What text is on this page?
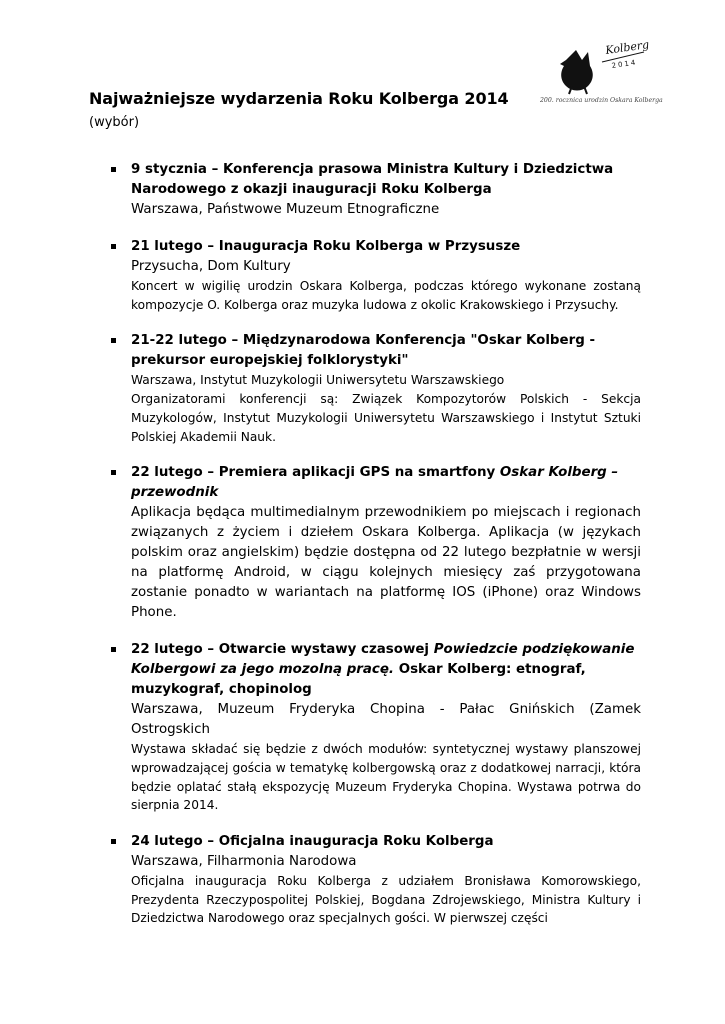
Kolberg
2014
200. rocznica urodzin Oskara Kolberga
Najważniejsze wydarzenia Roku Kolberga 2014
(wybór)
9 stycznia – Konferencja prasowa Ministra Kultury i Dziedzictwa Narodowego z okazji inauguracji Roku Kolberga
Warszawa, Państwowe Muzeum Etnograficzne
21 lutego – Inauguracja Roku Kolberga w Przysusze
Przysucha, Dom Kultury
Koncert w wigilię urodzin Oskara Kolberga, podczas którego wykonane zostaną kompozycje O. Kolberga oraz muzyka ludowa z okolic Krakowskiego i Przysuchy.
21-22 lutego – Międzynarodowa Konferencja "Oskar Kolberg - prekursor europejskiej folklorystyki"
Warszawa, Instytut Muzykologii Uniwersytetu Warszawskiego
Organizatorami konferencji są: Związek Kompozytorów Polskich - Sekcja Muzykologów, Instytut Muzykologii Uniwersytetu Warszawskiego i Instytut Sztuki Polskiej Akademii Nauk.
22 lutego – Premiera aplikacji GPS na smartfony Oskar Kolberg – przewodnik
Aplikacja będąca multimedialnym przewodnikiem po miejscach i regionach związanych z życiem i dziełem Oskara Kolberga. Aplikacja (w językach polskim oraz angielskim) będzie dostępna od 22 lutego bezpłatnie w wersji na platformę Android, w ciągu kolejnych miesięcy zaś przygotowana zostanie ponadto w wariantach na platformę IOS (iPhone) oraz Windows Phone.
22 lutego – Otwarcie wystawy czasowej Powiedzcie podziękowanie Kolbergowi za jego mozolną pracę. Oskar Kolberg: etnograf, muzykograf, chopinolog
Warszawa, Muzeum Fryderyka Chopina - Pałac Gnińskich (Zamek Ostrogskich
Wystawa składać się będzie z dwóch modułów: syntetycznej wystawy planszowej wprowadzającej gościa w tematykę kolbergowską oraz z dodatkowej narracji, która będzie oplatać stałą ekspozycję Muzeum Fryderyka Chopina. Wystawa potrwa do sierpnia 2014.
24 lutego – Oficjalna inauguracja Roku Kolberga
Warszawa, Filharmonia Narodowa
Oficjalna inauguracja Roku Kolberga z udziałem Bronisława Komorowskiego, Prezydenta Rzeczypospolitej Polskiej, Bogdana Zdrojewskiego, Ministra Kultury i Dziedzictwa Narodowego oraz specjalnych gości. W pierwszej części
